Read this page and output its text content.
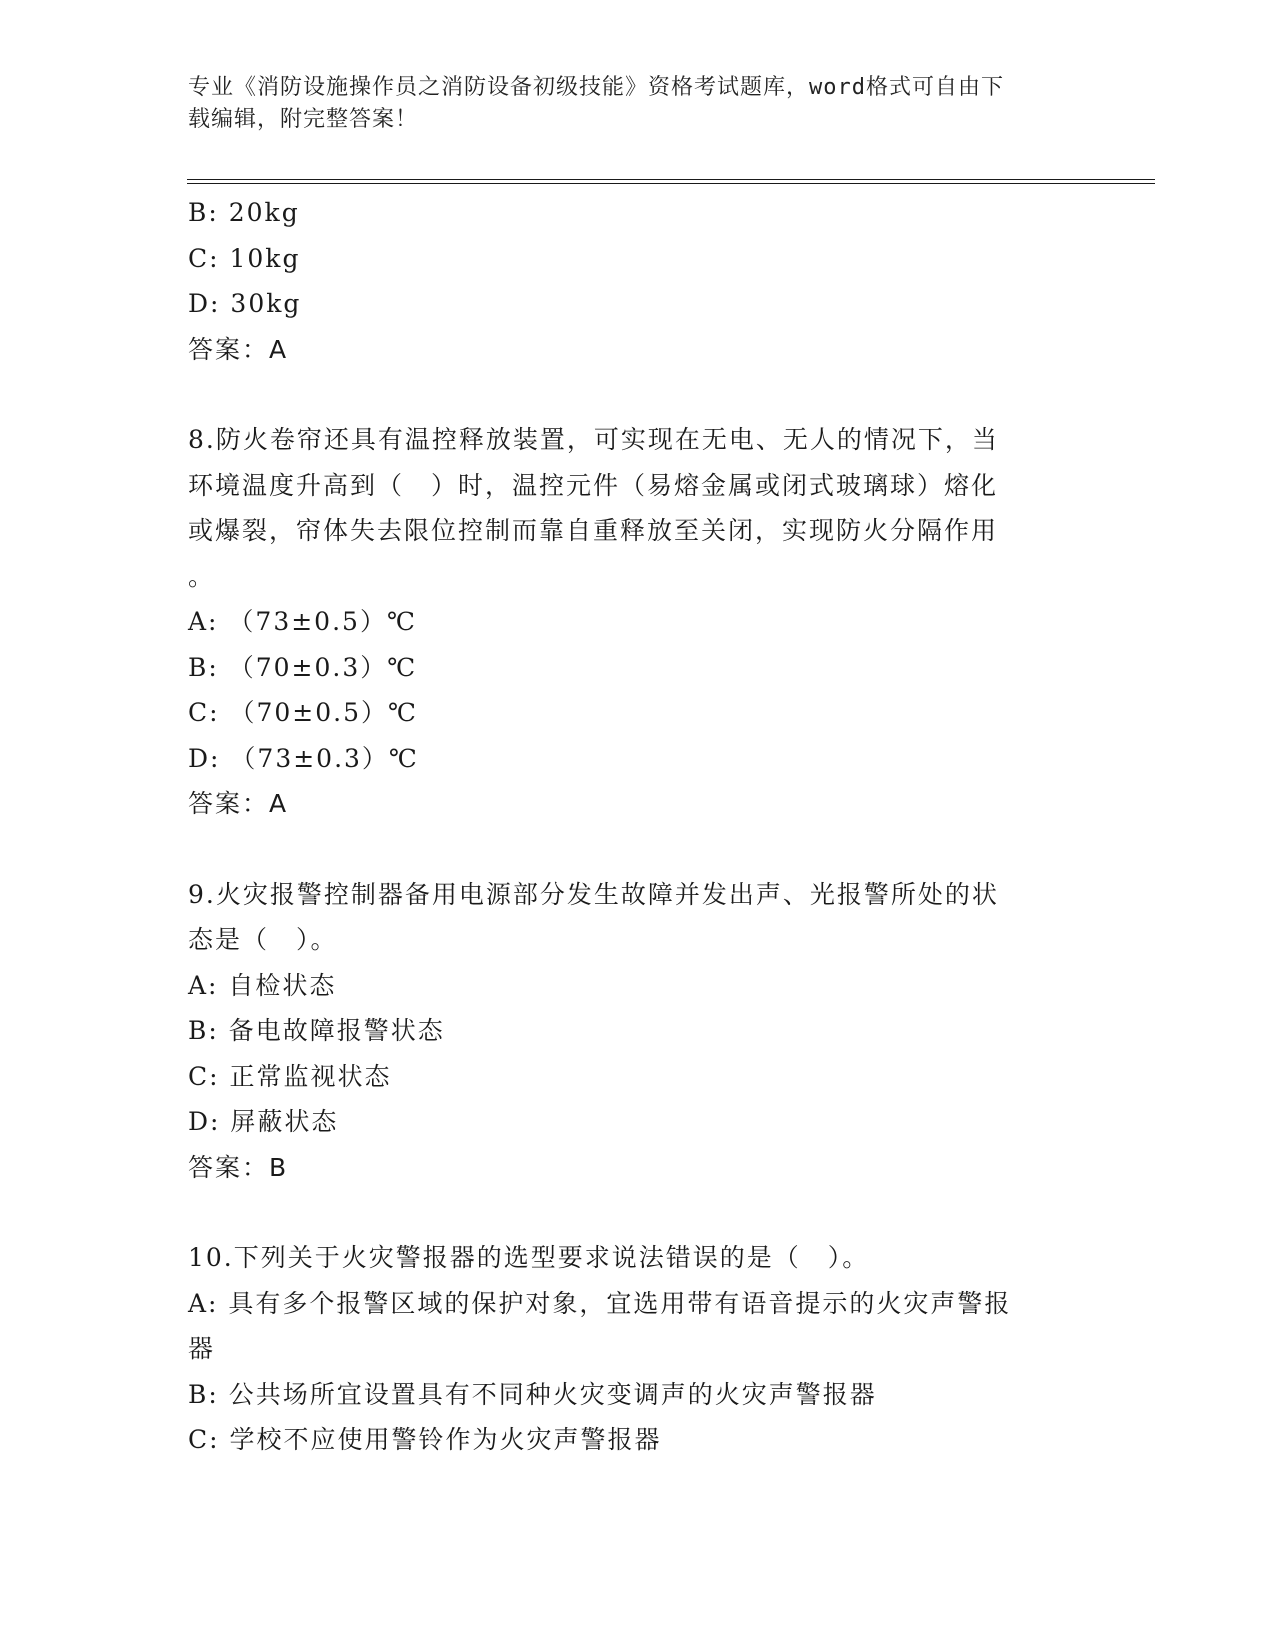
专业《消防设施操作员之消防设备初级技能》资格考试题库，word格式可自由下
载编辑，附完整答案！
B: 20kg
C: 10kg
D: 30kg
答案：A
8.防火卷帘还具有温控释放装置，可实现在无电、无人的情况下，当
环境温度升高到（　）时，温控元件（易熔金属或闭式玻璃球）熔化
或爆裂，帘体失去限位控制而靠自重释放至关闭，实现防火分隔作用
。
A: （73±0.5）℃
B: （70±0.3）℃
C: （70±0.5）℃
D: （73±0.3）℃
答案：A
9.火灾报警控制器备用电源部分发生故障并发出声、光报警所处的状
态是（　）。
A: 自检状态
B: 备电故障报警状态
C: 正常监视状态
D: 屏蔽状态
答案：B
10.下列关于火灾警报器的选型要求说法错误的是（　）。
A: 具有多个报警区域的保护对象，宜选用带有语音提示的火灾声警报
器
B: 公共场所宜设置具有不同种火灾变调声的火灾声警报器
C: 学校不应使用警铃作为火灾声警报器
